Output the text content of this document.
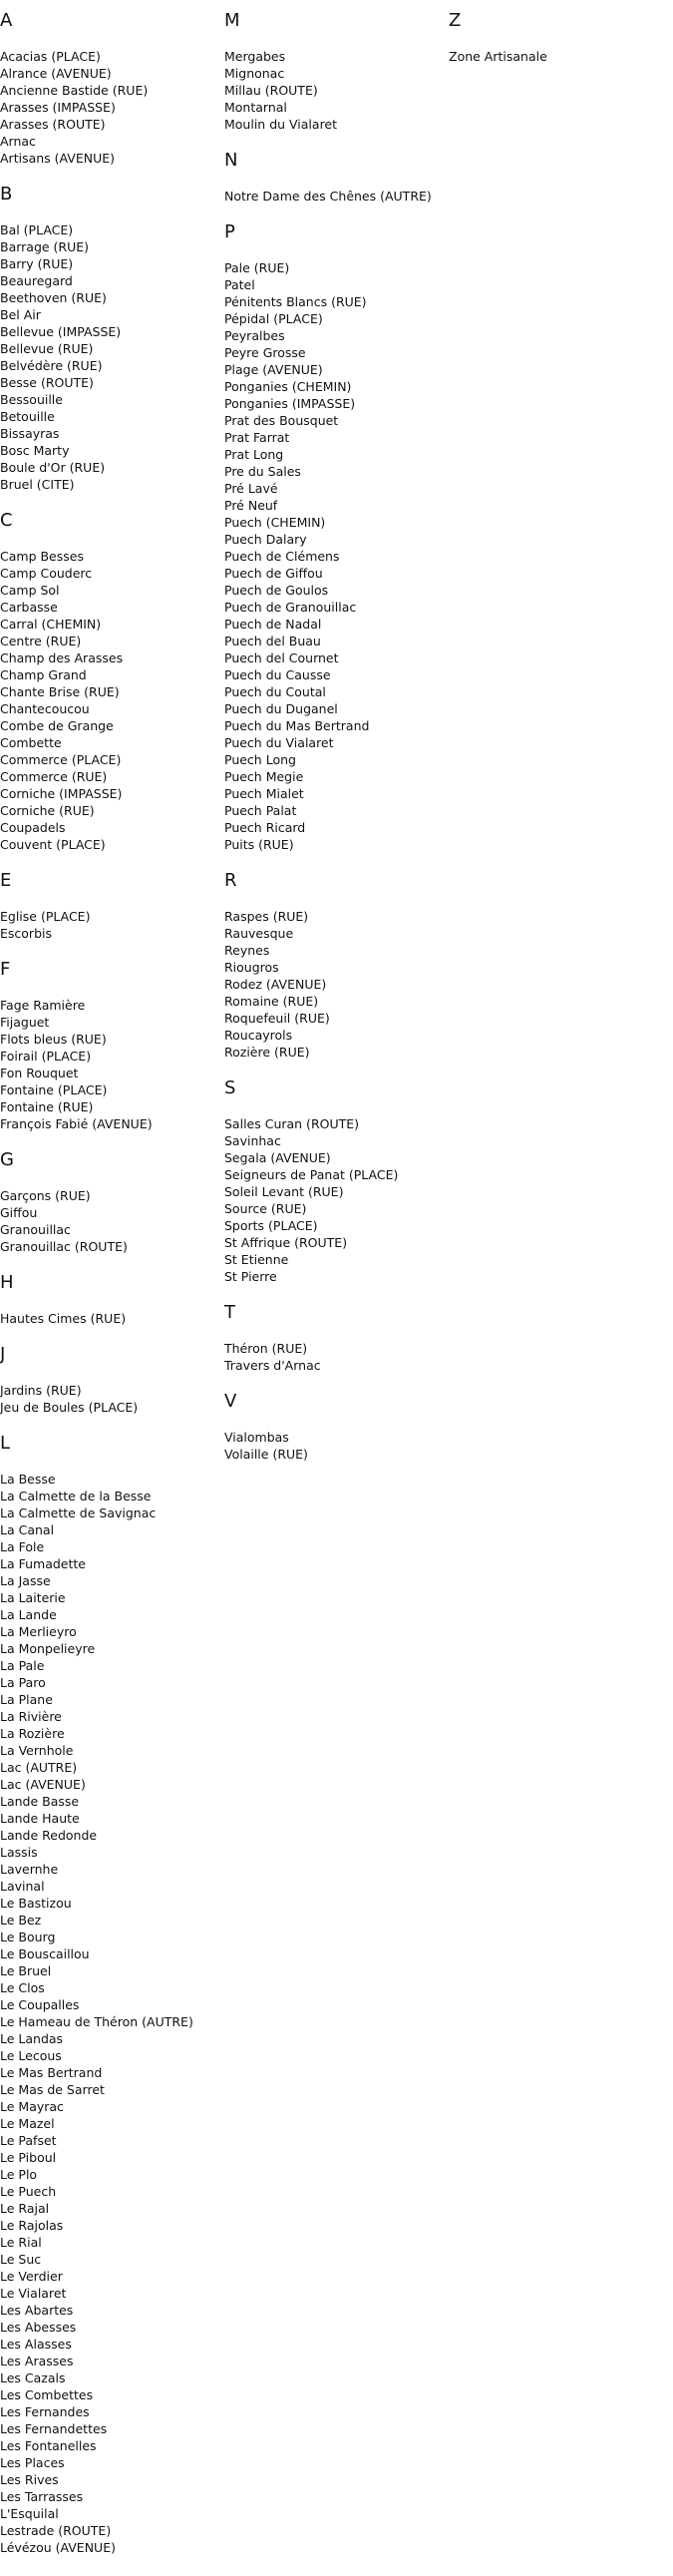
A
Acacias (PLACE)
Alrance (AVENUE)
Ancienne Bastide (RUE)
Arasses (IMPASSE)
Arasses (ROUTE)
Arnac
Artisans (AVENUE)
B
Bal (PLACE)
Barrage (RUE)
Barry (RUE)
Beauregard
Beethoven (RUE)
Bel Air
Bellevue (IMPASSE)
Bellevue (RUE)
Belvédère (RUE)
Besse (ROUTE)
Bessouille
Betouille
Bissayras
Bosc Marty
Boule d'Or (RUE)
Bruel (CITE)
C
Camp Besses
Camp Couderc
Camp Sol
Carbasse
Carral (CHEMIN)
Centre (RUE)
Champ des Arasses
Champ Grand
Chante Brise (RUE)
Chantecoucou
Combe de Grange
Combette
Commerce (PLACE)
Commerce (RUE)
Corniche (IMPASSE)
Corniche (RUE)
Coupadels
Couvent (PLACE)
E
Eglise (PLACE)
Escorbis
F
Fage Ramière
Fijaguet
Flots bleus (RUE)
Foirail (PLACE)
Fon Rouquet
Fontaine (PLACE)
Fontaine (RUE)
François Fabié (AVENUE)
G
Garçons (RUE)
Giffou
Granouillac
Granouillac (ROUTE)
H
Hautes Cimes (RUE)
J
Jardins (RUE)
Jeu de Boules (PLACE)
L
La Besse
La Calmette de la Besse
La Calmette de Savignac
La Canal
La Fole
La Fumadette
La Jasse
La Laiterie
La Lande
La Merlieyro
La Monpelieyre
La Pale
La Paro
La Plane
La Rivière
La Rozière
La Vernhole
Lac (AUTRE)
Lac (AVENUE)
Lande Basse
Lande Haute
Lande Redonde
Lassis
Lavernhe
Lavinal
Le Bastizou
Le Bez
Le Bourg
Le Bouscaillou
Le Bruel
Le Clos
Le Coupalles
Le Hameau de Théron (AUTRE)
Le Landas
Le Lecous
Le Mas Bertrand
Le Mas de Sarret
Le Mayrac
Le Mazel
Le Pafset
Le Piboul
Le Plo
Le Puech
Le Rajal
Le Rajolas
Le Rial
Le Suc
Le Verdier
Le Vialaret
Les Abartes
Les Abesses
Les Alasses
Les Arasses
Les Cazals
Les Combettes
Les Fernandes
Les Fernandettes
Les Fontanelles
Les Places
Les Rives
Les Tarrasses
L'Esquilal
Lestrade (ROUTE)
Lévézou (AVENUE)
M
Mergabes
Mignonac
Millau (ROUTE)
Montarnal
Moulin du Vialaret
N
Notre Dame des Chênes (AUTRE)
P
Pale (RUE)
Patel
Pénitents Blancs (RUE)
Pépidal (PLACE)
Peyralbes
Peyre Grosse
Plage (AVENUE)
Ponganies (CHEMIN)
Ponganies (IMPASSE)
Prat des Bousquet
Prat Farrat
Prat Long
Pre du Sales
Pré Lavé
Pré Neuf
Puech (CHEMIN)
Puech Dalary
Puech de Clémens
Puech de Giffou
Puech de Goulos
Puech de Granouillac
Puech de Nadal
Puech del Buau
Puech del Cournet
Puech du Causse
Puech du Coutal
Puech du Duganel
Puech du Mas Bertrand
Puech du Vialaret
Puech Long
Puech Megie
Puech Mialet
Puech Palat
Puech Ricard
Puits (RUE)
R
Raspes (RUE)
Rauvesque
Reynes
Riougros
Rodez (AVENUE)
Romaine (RUE)
Roquefeuil (RUE)
Roucayrols
Rozière (RUE)
S
Salles Curan (ROUTE)
Savinhac
Segala (AVENUE)
Seigneurs de Panat (PLACE)
Soleil Levant (RUE)
Source (RUE)
Sports (PLACE)
St Affrique (ROUTE)
St Etienne
St Pierre
T
Théron (RUE)
Travers d'Arnac
V
Vialombas
Volaille (RUE)
Z
Zone Artisanale
